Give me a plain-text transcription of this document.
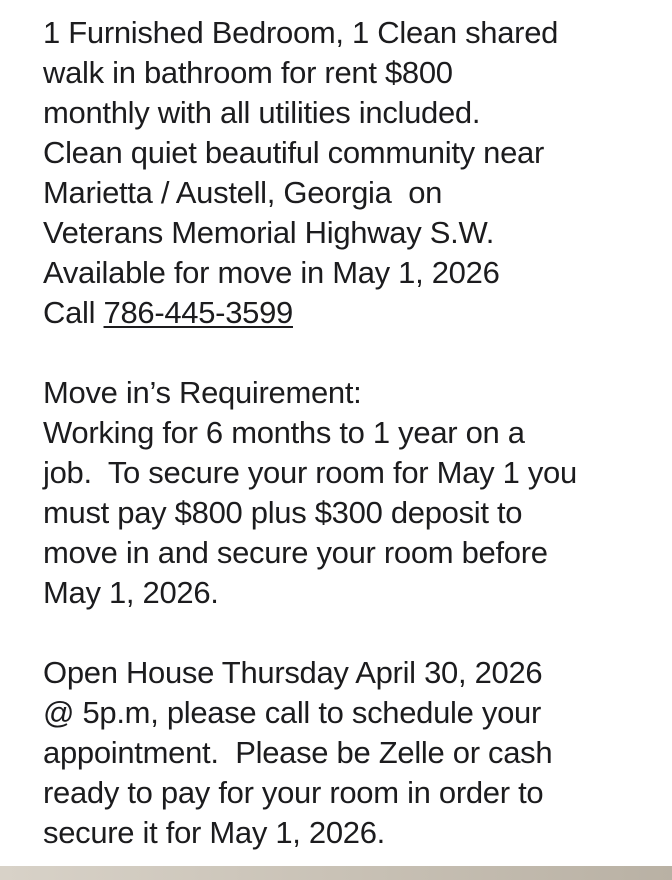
1 Furnished Bedroom, 1 Clean shared
walk in bathroom for rent $800
monthly with all utilities included.
Clean quiet beautiful community near
Marietta / Austell, Georgia  on
Veterans Memorial Highway S.W.
Available for move in May 1, 2026
Call 786-445-3599
Move in’s Requirement:
Working for 6 months to 1 year on a
job.  To secure your room for May 1 you
must pay $800 plus $300 deposit to
move in and secure your room before
May 1, 2026.
Open House Thursday April 30, 2026
@ 5p.m, please call to schedule your
appointment.  Please be Zelle or cash
ready to pay for your room in order to
secure it for May 1, 2026.
